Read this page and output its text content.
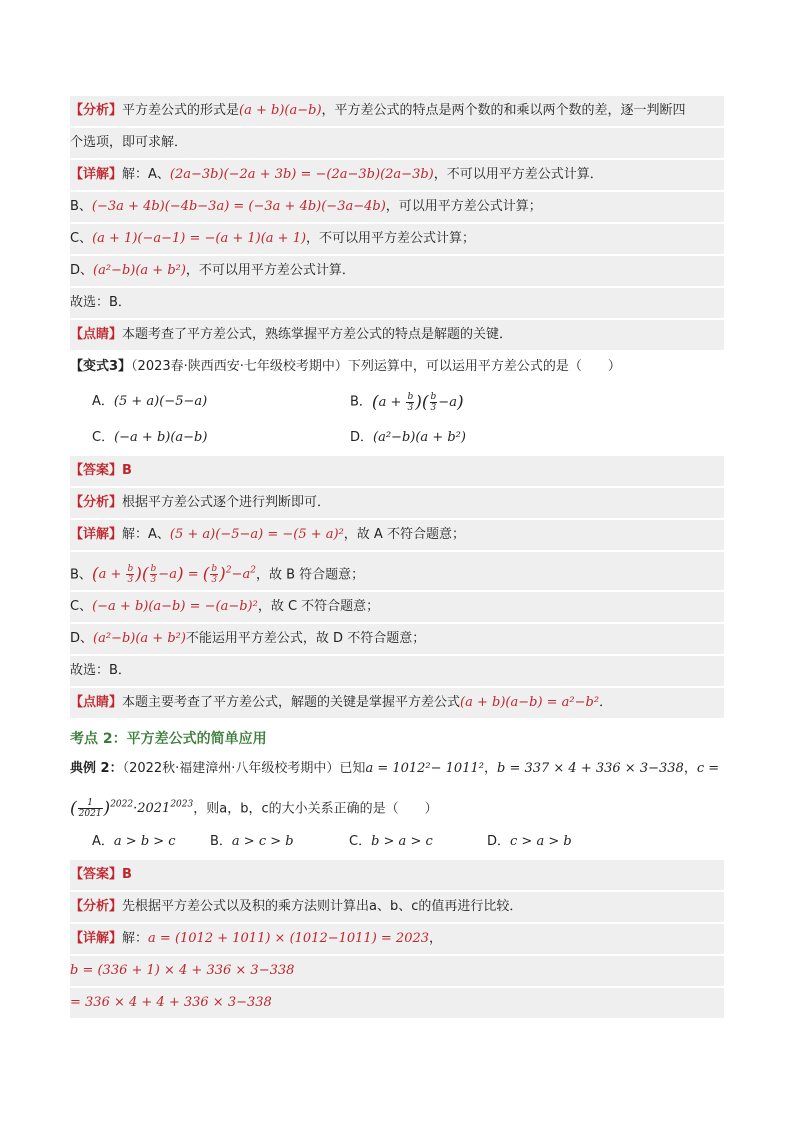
【分析】平方差公式的形式是(a + b)(a−b)，平方差公式的特点是两个数的和乘以两个数的差，逐一判断四
个选项，即可求解．
【详解】解：A、(2a−3b)(−2a + 3b) = −(2a−3b)(2a−3b)，不可以用平方差公式计算．
B、(−3a + 4b)(−4b−3a) = (−3a + 4b)(−3a−4b)，可以用平方差公式计算；
C、(a + 1)(−a−1) = −(a + 1)(a + 1)，不可以用平方差公式计算；
D、(a²−b)(a + b²)，不可以用平方差公式计算．
故选：B．
【点睛】本题考查了平方差公式，熟练掌握平方差公式的特点是解题的关键．
【变式3】（2023春·陕西西安·七年级校考期中）下列运算中，可以运用平方差公式的是（　　）
A．(5 + a)(−5−a)	B．($a + \frac{b}{3}$ )( $\frac{b}{3} -a$)
C．(−a + b)(a−b)	D．(a²−b)(a + b²)
【答案】B
【分析】根据平方差公式逐个进行判断即可．
【详解】解：A、(5 + a)(−5−a) = −(5 + a)²，故 A 不符合题意；
B、($a + \frac{b}{3}$ )( $\frac{b}{3} -a$) = ( $\frac{b}{3} )^2-a^2$，故 B 符合题意；
C、(−a + b)(a−b) = −(a−b)²，故 C 不符合题意；
D、(a²−b)(a + b²)不能运用平方差公式，故 D 不符合题意；
故选：B．
【点睛】本题主要考查了平方差公式，解题的关键是掌握平方差公式(a + b)(a−b) = a²−b²．
考点 2：平方差公式的简单应用
典例 2：（2022秋·福建漳州·八年级校考期中）已知a = 1012²− 1011²，b = 337 × 4 + 336 × 3−338，c =
( $\frac{1}{2021} )^{2022}\cdot 2021^{2023}$，则a，b，c的大小关系正确的是（　　）
A．a > b > c	B．a > c > b	C．b > a > c	D．c > a > b
【答案】B
【分析】先根据平方差公式以及积的乘方法则计算出a、b、c的值再进行比较．
【详解】解：a = (1012 + 1011) × (1012−1011) = 2023，
b = (336 + 1) × 4 + 336 × 3−338
= 336 × 4 + 4 + 336 × 3−338
